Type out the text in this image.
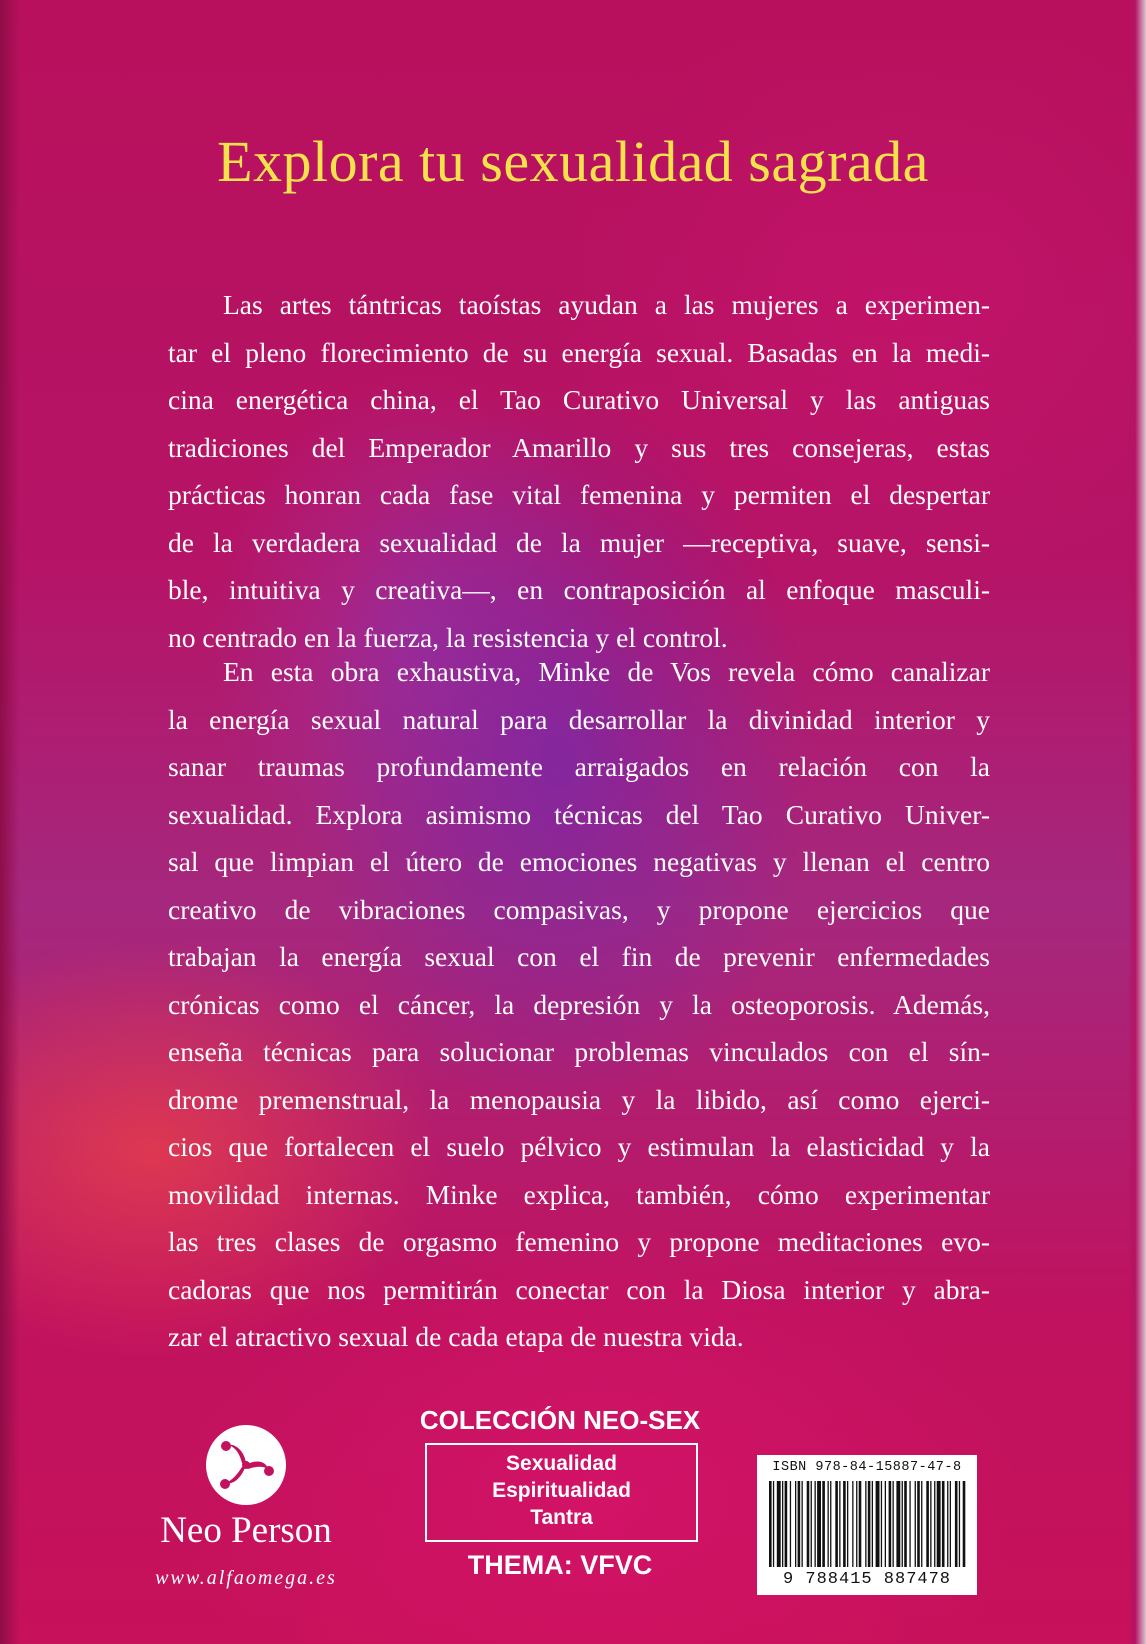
Explora tu sexualidad sagrada
Las artes tántricas taoístas ayudan a las mujeres a experimen-
tar el pleno florecimiento de su energía sexual. Basadas en la medi-
cina energética china, el Tao Curativo Universal y las antiguas
tradiciones del Emperador Amarillo y sus tres consejeras, estas
prácticas honran cada fase vital femenina y permiten el despertar
de la verdadera sexualidad de la mujer —receptiva, suave, sensi-
ble, intuitiva y creativa—, en contraposición al enfoque masculi-
no centrado en la fuerza, la resistencia y el control.
En esta obra exhaustiva, Minke de Vos revela cómo canalizar
la energía sexual natural para desarrollar la divinidad interior y
sanar traumas profundamente arraigados en relación con la
sexualidad. Explora asimismo técnicas del Tao Curativo Univer-
sal que limpian el útero de emociones negativas y llenan el centro
creativo de vibraciones compasivas, y propone ejercicios que
trabajan la energía sexual con el fin de prevenir enfermedades
crónicas como el cáncer, la depresión y la osteoporosis. Además,
enseña técnicas para solucionar problemas vinculados con el sín-
drome premenstrual, la menopausia y la libido, así como ejerci-
cios que fortalecen el suelo pélvico y estimulan la elasticidad y la
movilidad internas. Minke explica, también, cómo experimentar
las tres clases de orgasmo femenino y propone meditaciones evo-
cadoras que nos permitirán conectar con la Diosa interior y abra-
zar el atractivo sexual de cada etapa de nuestra vida.
Neo Person
www.alfaomega.es
COLECCIÓN NEO-SEX
Sexualidad
Espiritualidad
Tantra
THEMA: VFVC
ISBN 978-84-15887-47-8
9 788415 887478
